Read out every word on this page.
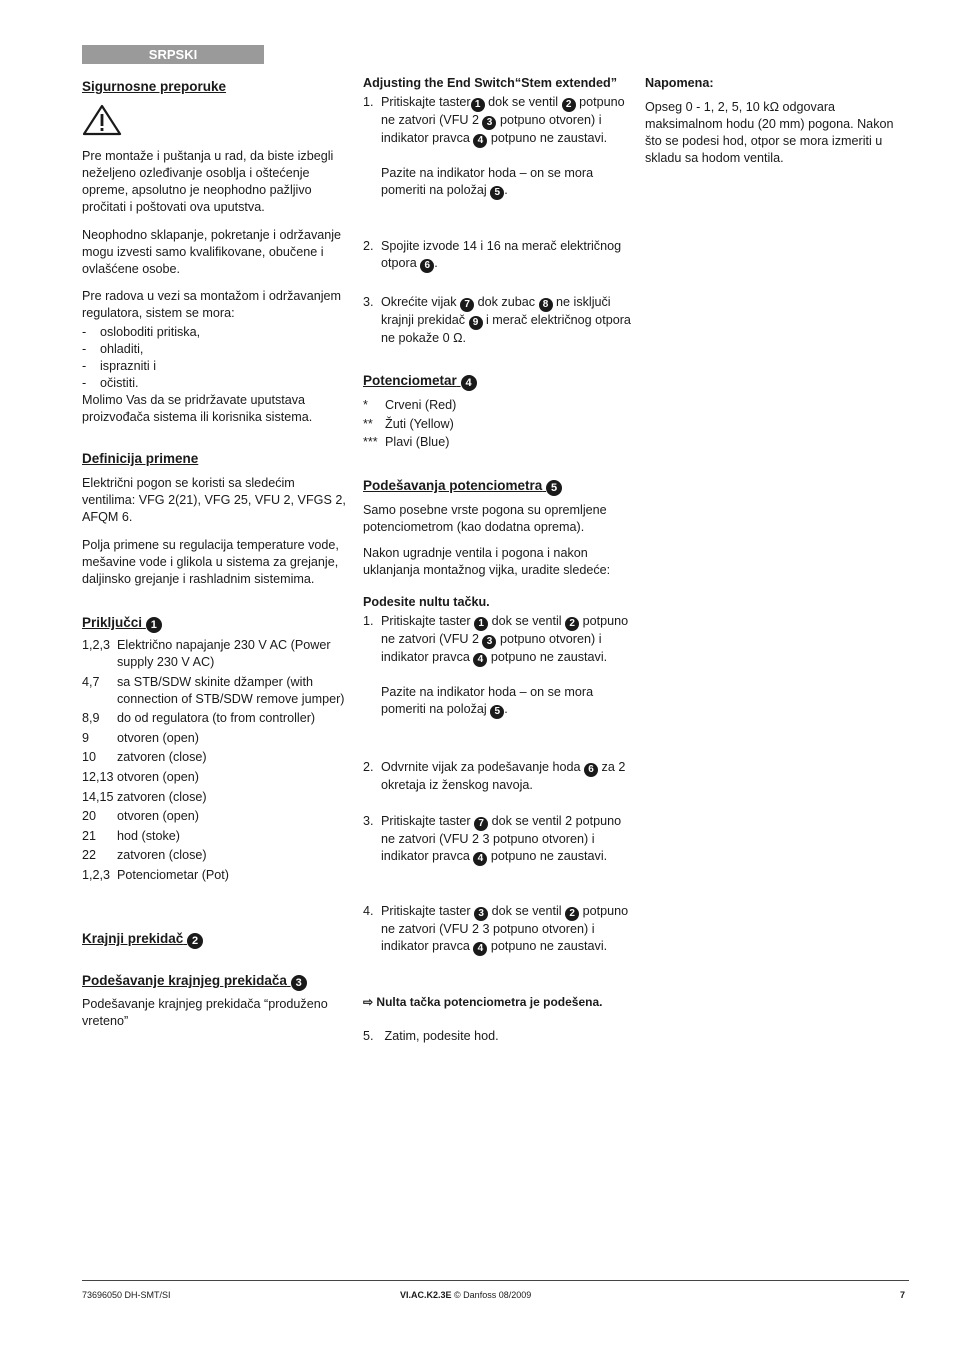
SRPSKI
Sigurnosne preporuke

Pre montaže i puštanja u rad, da biste izbegli neželjeno ozleđivanje osoblja i oštećenje opreme, apsolutno je neophodno pažljivo pročitati i poštovati ova uputstva.

Neophodno sklapanje, pokretanje i održavanje mogu izvesti samo kvalifikovane, obučene i ovlašćene osobe.

Pre radova u vezi sa montažom i održavanjem regulatora, sistem se mora:

- osloboditi pritiska,
- ohladiti,
- isprazniti i
- očistiti.

Molimo Vas da se pridržavate uputstava proizvođača sistema ili korisnika sistema.

Definicija primene

Električni pogon se koristi sa sledećim ventilima: VFG 2(21), VFG 25, VFU 2, VFGS 2, AFQM 6.

Polja primene su regulacija temperature vode, mešavine vode i glikola u sistema za grejanje, daljinsko grejanje i rashladnim sistemima.

Priključci 1
1,2,3 Električno napajanje 230 V AC (Power supply 230 V AC)
4,7	sa STB/SDW skinite džamper (with connection of STB/SDW remove jumper)
8,9	do od regulatora (to from controller)
9	otvoren (open)
10	zatvoren (close)
12,13 otvoren (open)
14,15 zatvoren (close)
20	otvoren (open)
21	hod (stoke)
22	zatvoren (close)
1,2,3 Potenciometar (Pot)
Krajnji prekidač 2
Podešavanje krajnjeg prekidača 3

Podešavanje krajnjeg prekidača “produženo vreteno”

Adjusting the End Switch“Stem extended”
1. Pritiskajte taster 1 dok se ventil 2 potpuno ne zatvori (VFU 2 3 potpuno otvoren) i indikator pravca 4 potpuno ne zaustavi.
Pazite na indikator hoda – on se mora pomeriti na položaj 5 .
2. Spojite izvode 14 i 16 na merač električnog otpora 6 .
3. Okrećite vijak 7 dok zubac 8 ne isključi krajnji prekidač 9 i merač električnog otpora ne pokaže 0 Ω.
Potenciometar 4
* Crveni (Red)
** Žuti (Yellow)
*** Plavi (Blue)
Podešavanja potenciometra 5

Samo posebne vrste pogona su opremljene potenciometrom (kao dodatna oprema).

Nakon ugradnje ventila i pogona i nakon uklanjanja montažnog vijka, uradite sledeće:

Podesite nultu tačku.
1. Pritiskajte taster 1 dok se ventil 2 potpuno ne zatvori (VFU 2 3 potpuno otvoren) i indikator pravca 4 potpuno ne zaustavi.
Pazite na indikator hoda – on se mora pomeriti na položaj 5 .
2. Odvrnite vijak za podešavanje hoda 6 za 2 okretaja iz ženskog navoja.
3. Pritiskajte taster 7 dok se ventil 2 potpuno ne zatvori (VFU 2 3 potpuno otvoren) i indikator pravca 4 potpuno ne zaustavi.
4. Pritiskajte taster 3 dok se ventil 2 potpuno ne zatvori (VFU 2 3 potpuno otvoren) i indikator pravca 4 potpuno ne zaustavi.
⇨ Nulta tačka potenciometra je podešena.
5. Zatim, podesite hod.
Napomena:

Opseg 0 - 1, 2, 5, 10 kΩ odgovara maksimalnom hodu (20 mm) pogona. Nakon što se podesi hod, otpor se mora izmeriti u skladu sa hodom ventila.

73696050 DH-SMT/SI	VI.AC.K2.3E © Danfoss 08/2009	7
